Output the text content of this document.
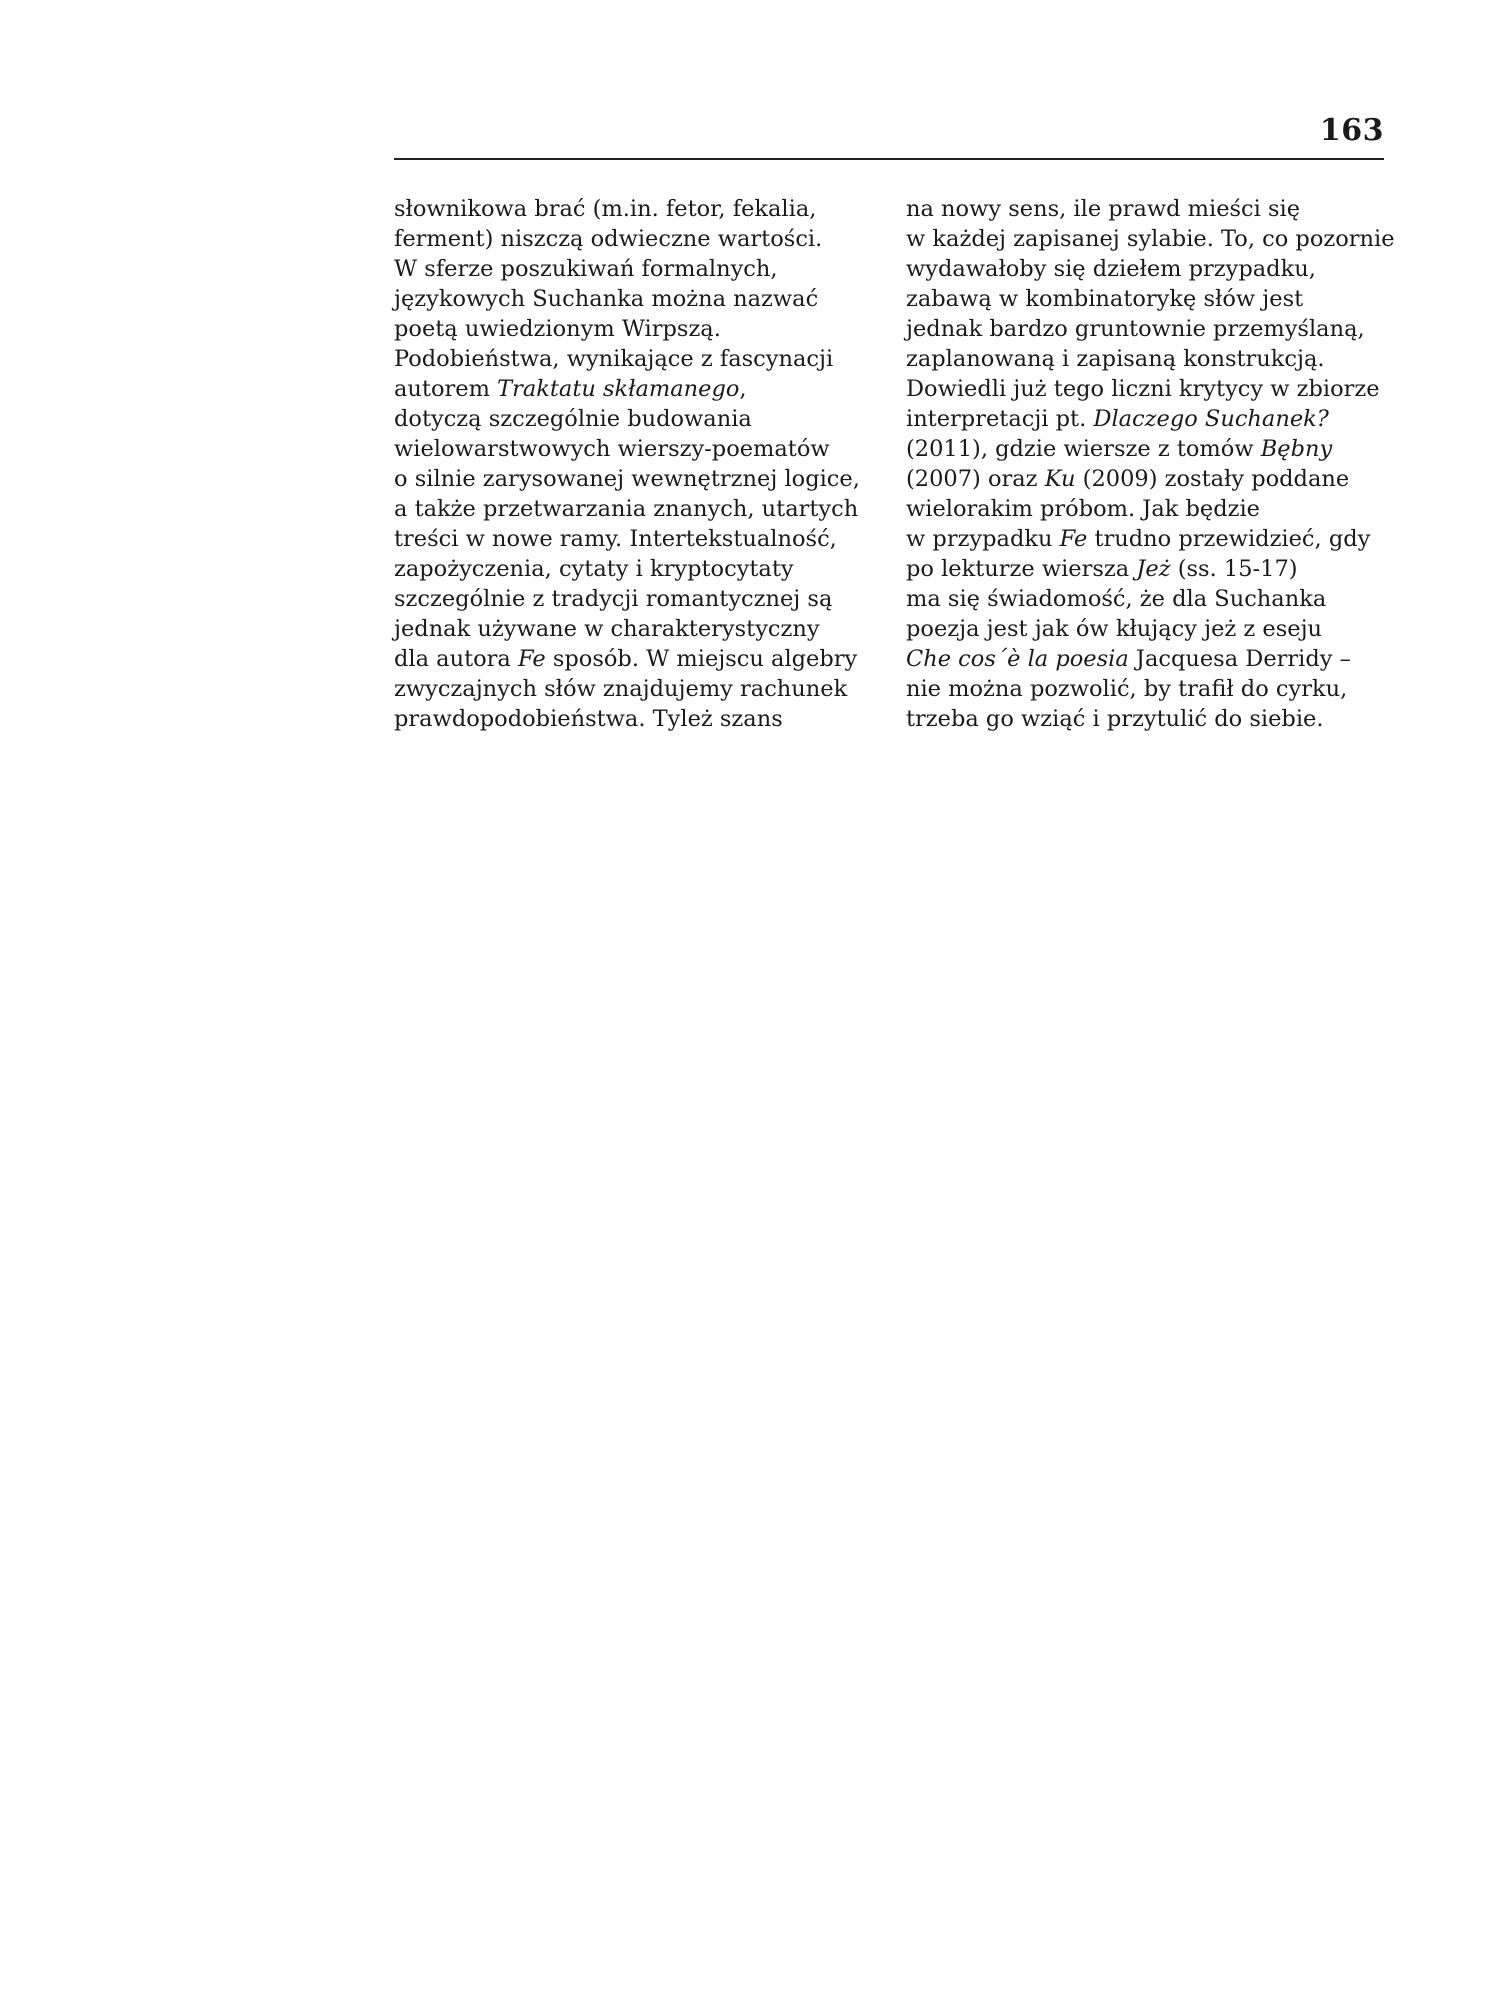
163
słownikowa brać (m.in. fetor, fekalia,
ferment) niszczą odwieczne wartości.
W sferze poszukiwań formalnych,
językowych Suchanka można nazwać
poetą uwiedzionym Wirpszą.
Podobieństwa, wynikające z fascynacji
autorem Traktatu skłamanego,
dotyczą szczególnie budowania
wielowarstwowych wierszy-poematów
o silnie zarysowanej wewnętrznej logice,
a także przetwarzania znanych, utartych
treści w nowe ramy. Intertekstualność,
zapożyczenia, cytaty i kryptocytaty
szczególnie z tradycji romantycznej są
jednak używane w charakterystyczny
dla autora Fe sposób. W miejscu algebry
zwyczajnych słów znajdujemy rachunek
prawdopodobieństwa. Tyleż szans
na nowy sens, ile prawd mieści się
w każdej zapisanej sylabie. To, co pozornie
wydawałoby się dziełem przypadku,
zabawą w kombinatorykę słów jest
jednak bardzo gruntownie przemyślaną,
zaplanowaną i zapisaną konstrukcją.
Dowiedli już tego liczni krytycy w zbiorze
interpretacji pt. Dlaczego Suchanek?
(2011), gdzie wiersze z tomów Bębny
(2007) oraz Ku (2009) zostały poddane
wielorakim próbom. Jak będzie
w przypadku Fe trudno przewidzieć, gdy
po lekturze wiersza Jeż (ss. 15-17)
ma się świadomość, że dla Suchanka
poezja jest jak ów kłujący jeż z eseju
Che cos´è la poesia Jacquesa Derridy –
nie można pozwolić, by trafił do cyrku,
trzeba go wziąć i przytulić do siebie.
